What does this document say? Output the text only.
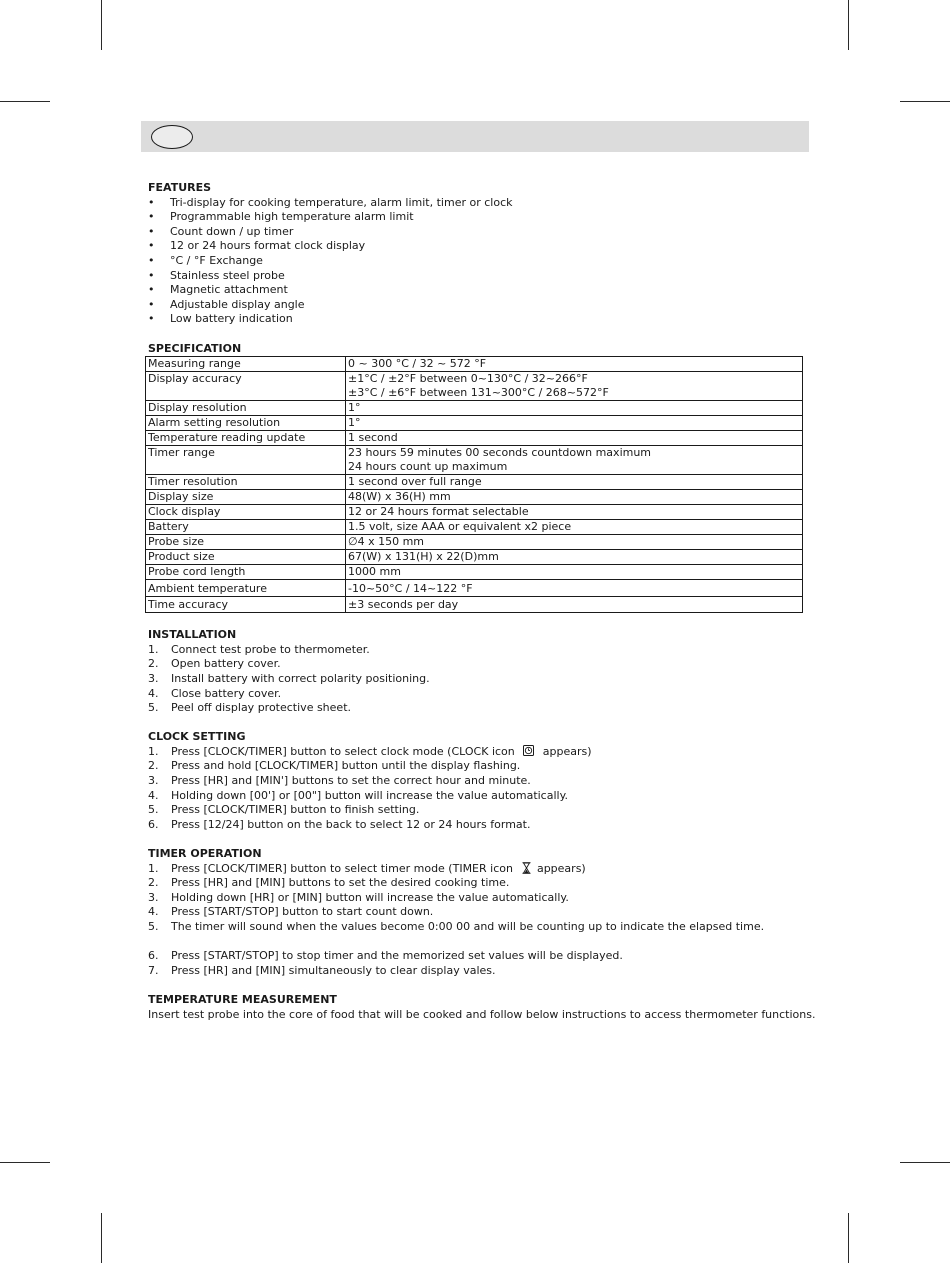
FEATURES
•	Tri-display for cooking temperature, alarm limit, timer or clock
•	Programmable high temperature alarm limit
•	Count down / up timer
•	12 or 24 hours format clock display
•	°C / °F Exchange
•	Stainless steel probe
•	Magnetic attachment
•	Adjustable display angle
•	Low battery indication
SPECIFICATION
Measuring range	0 ~ 300 °C / 32 ~ 572 °F

Display accuracy	±1°C / ±2°F between 0~130°C / 32~266°F
±3°C / ±6°F between 131~300°C / 268~572°F

Display resolution	1°

Alarm setting resolution	1°

Temperature reading update	1 second

Timer range	23 hours 59 minutes 00 seconds countdown maximum
24 hours count up maximum

Timer resolution	1 second over full range

Display size	48(W) x 36(H) mm

Clock display	12 or 24 hours format selectable

Battery	1.5 volt, size AAA or equivalent x2 piece

Probe size	∅4 x 150 mm

Product size	67(W) x 131(H) x 22(D)mm

Probe cord length	1000 mm

Ambient temperature	-10~50°C / 14~122 °F

Time accuracy	±3 seconds per day
INSTALLATION
1.	Connect test probe to thermometer.
2.	Open battery cover.
3.	Install battery with correct polarity positioning.
4.	Close battery cover.
5.	Peel off display protective sheet.
CLOCK SETTING
1.	Press [CLOCK/TIMER] button to select clock mode (CLOCK icon	appears)
2.	Press and hold [CLOCK/TIMER] button until the display flashing.
3.	Press [HR] and [MIN'] buttons to set the correct hour and minute.
4.	Holding down [00'] or [00"] button will increase the value automatically.
5.	Press [CLOCK/TIMER] button to finish setting.
6.	Press [12/24] button on the back to select 12 or 24 hours format.
TIMER OPERATION
1.	Press [CLOCK/TIMER] button to select timer mode (TIMER icon appears)
2.	Press [HR] and [MIN] buttons to set the desired cooking time.
3.	Holding down [HR] or [MIN] button will increase the value automatically.
4.	Press [START/STOP] button to start count down.
5.	The timer will sound when the values become 0:00 00 and will be counting up to indicate the elapsed time.
6.	Press [START/STOP] to stop timer and the memorized set values will be displayed.
7.	Press [HR] and [MIN] simultaneously to clear display vales.
TEMPERATURE MEASUREMENT
Insert test probe into the core of food that will be cooked and follow below instructions to access thermometer functions.
